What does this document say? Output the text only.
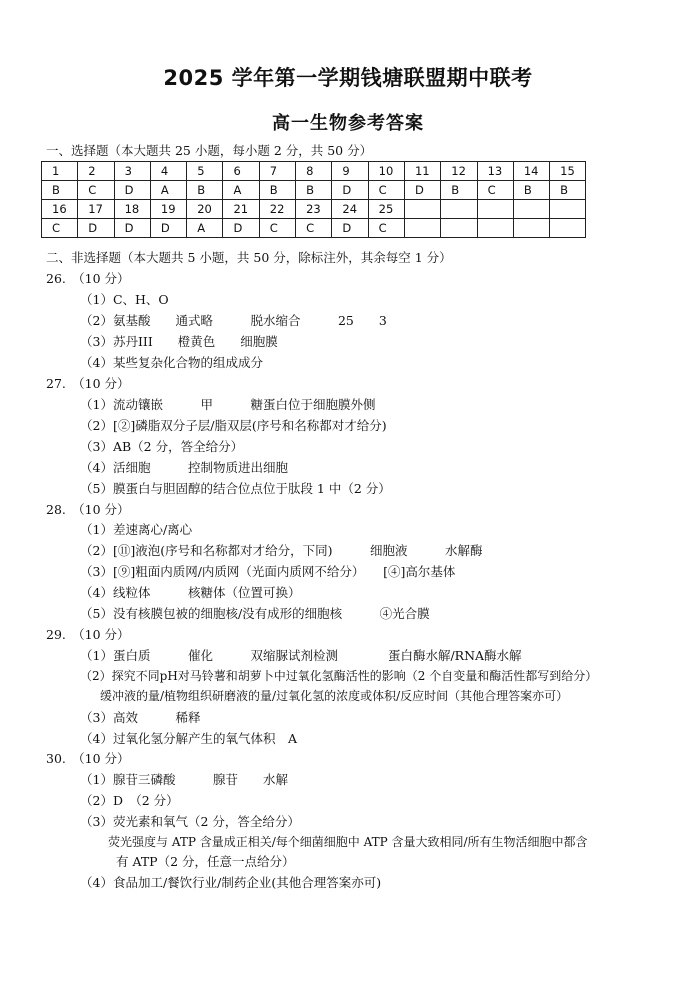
2025 学年第一学期钱塘联盟期中联考
高一生物参考答案
一、选择题（本大题共 25 小题，每小题 2 分，共 50 分）
1	2	3	4	5	6	7	8	9	10	11	12	13	14	15
B	C	D	A	B	A	B	B	D	C	D	B	C	B	B
16	17	18	19	20	21	22	23	24	25					
C	D	D	D	A	D	C	C	D	C					
二、非选择题（本大题共 5 小题，共 50 分，除标注外，其余每空 1 分）
26.　（10 分）
（1）C、H、O
（2）氨基酸　　通式略　　　脱水缩合　　　25　　3
（3）苏丹III　　橙黄色　　细胞膜
（4）某些复杂化合物的组成成分
27.　（10 分）
（1）流动镶嵌　　　甲　　　糖蛋白位于细胞膜外侧
（2）[②]磷脂双分子层/脂双层(序号和名称都对才给分)
（3）AB（2 分，答全给分）
（4）活细胞　　　控制物质进出细胞
（5）膜蛋白与胆固醇的结合位点位于肽段 1 中（2 分）
28.　（10 分）
（1）差速离心/离心
（2）[⑪]液泡(序号和名称都对才给分，下同)　　　细胞液　　　水解酶
（3）[⑨]粗面内质网/内质网（光面内质网不给分）　　[④]高尔基体
（4）线粒体　　　核糖体（位置可换）
（5）没有核膜包被的细胞核/没有成形的细胞核　　　④光合膜
29.　（10 分）
（1）蛋白质　　　催化　　　双缩脲试剂检测　　　　蛋白酶水解/RNA酶水解
（2）探究不同pH对马铃薯和胡萝卜中过氧化氢酶活性的影响（2 个自变量和酶活性都写到给分）
缓冲液的量/植物组织研磨液的量/过氧化氢的浓度或体积/反应时间（其他合理答案亦可）
（3）高效　　　稀释
（4）过氧化氢分解产生的氧气体积　A
30.　（10 分）
（1）腺苷三磷酸　　　腺苷　　水解
（2）D　（2 分）
（3）荧光素和氧气（2 分，答全给分）
荧光强度与 ATP 含量成正相关/每个细菌细胞中 ATP 含量大致相同/所有生物活细胞中都含
有 ATP（2 分，任意一点给分）
（4）食品加工/餐饮行业/制药企业(其他合理答案亦可)
